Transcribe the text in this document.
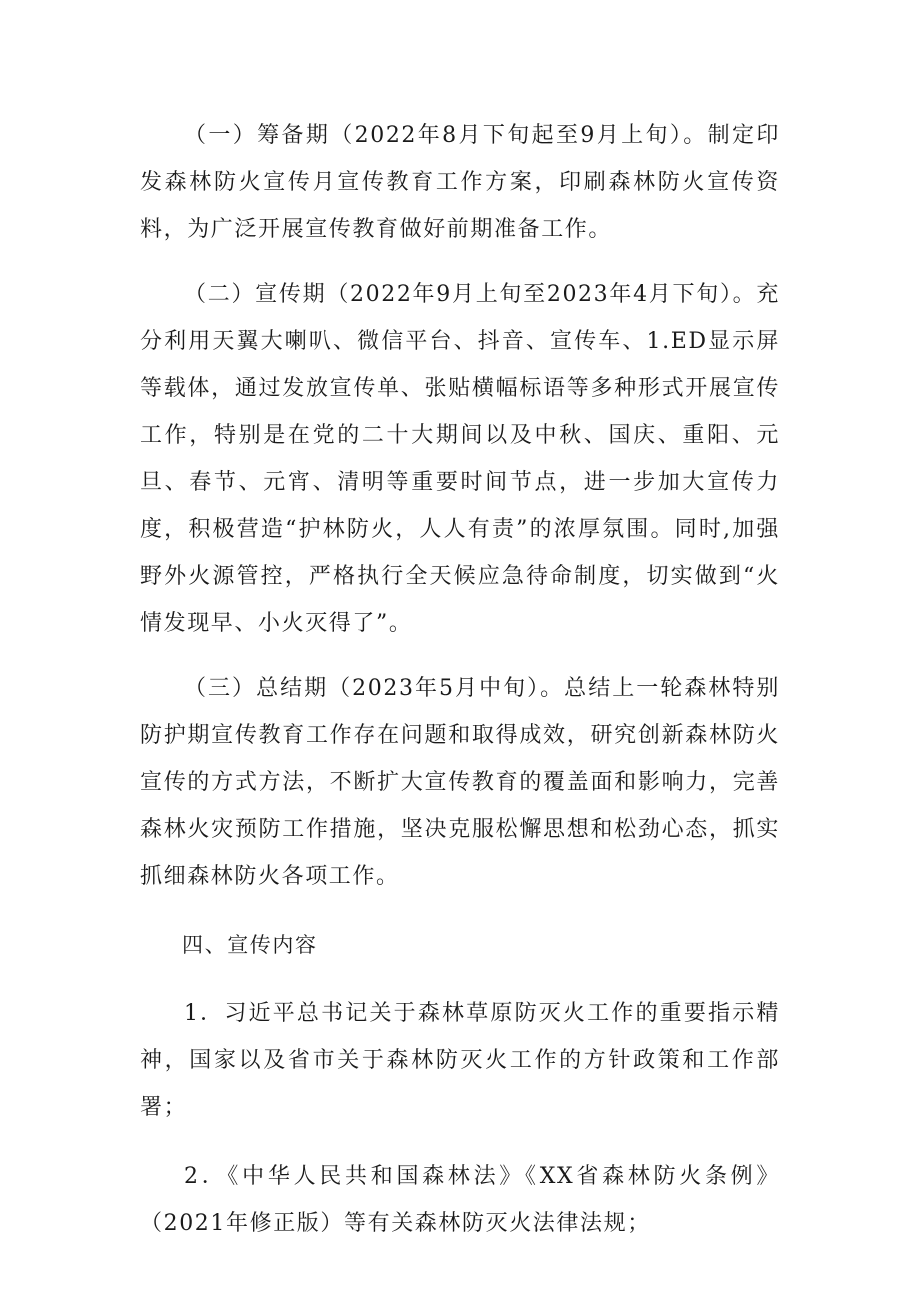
（一）筹备期（2022年8月下旬起至9月上旬）。制定印发森林防火宣传月宣传教育工作方案，印刷森林防火宣传资料，为广泛开展宣传教育做好前期准备工作。

（二）宣传期（2022年9月上旬至2023年4月下旬）。充分利用天翼大喇叭、微信平台、抖音、宣传车、1.ED显示屏等载体，通过发放宣传单、张贴横幅标语等多种形式开展宣传工作，特别是在党的二十大期间以及中秋、国庆、重阳、元旦、春节、元宵、清明等重要时间节点，进一步加大宣传力度，积极营造“护林防火，人人有责”的浓厚氛围。同时,加强野外火源管控，严格执行全天候应急待命制度，切实做到“火情发现早、小火灭得了”。

（三）总结期（2023年5月中旬）。总结上一轮森林特别防护期宣传教育工作存在问题和取得成效，研究创新森林防火宣传的方式方法，不断扩大宣传教育的覆盖面和影响力，完善森林火灾预防工作措施，坚决克服松懈思想和松劲心态，抓实抓细森林防火各项工作。

四、宣传内容

1．习近平总书记关于森林草原防灭火工作的重要指示精神，国家以及省市关于森林防灭火工作的方针政策和工作部署；

2．《中华人民共和国森林法》《XX省森林防火条例》（2021年修正版）等有关森林防灭火法律法规；
